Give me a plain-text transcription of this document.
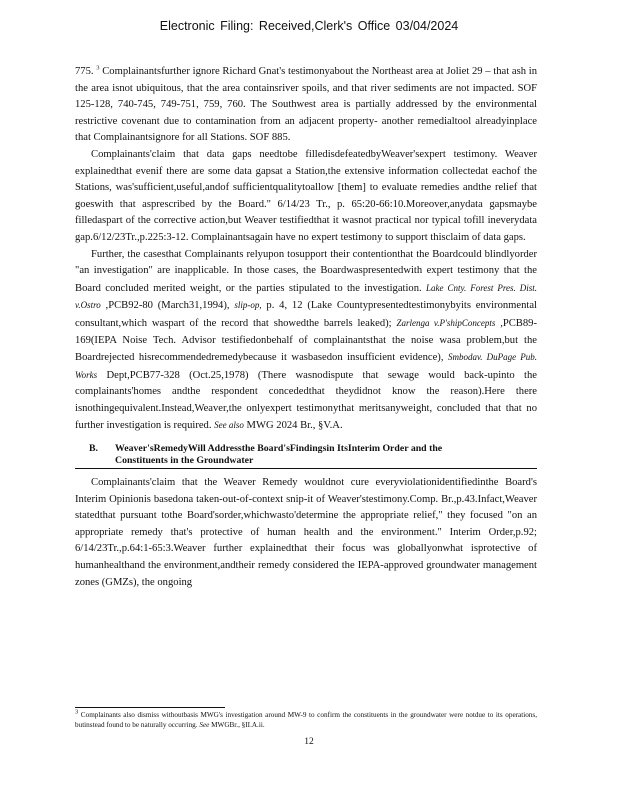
Electronic Filing: Received,Clerk's Office 03/04/2024

775. $^3$ Complainantsfurther ignore Richard Gnat's testimonyabout the Northeast area at Joliet 29 – that ash in the area isnot ubiquitous, that the area containsriver spoils, and that river sediments are not impacted. SOF 125-128, 740-745, 749-751, 759, 760. The Southwest area is partially addressed by the environmental restrictive covenant due to contamination from an adjacent property- another remedialtool alreadyinplace that Complainantsignore for all Stations. SOF 885.

Complainants'claim that data gaps needtobe filledisdefeatedbyWeaver'sexpert testimony. Weaver explainedthat evenif there are some data gapsat a Station,the extensive information collectedat eachof the Stations, was'sufficient,useful,andof sufficientqualitytoallow [them] to evaluate remedies andthe relief that goeswith that asprescribed by the Board." 6/14/23 Tr., p. 65:20-66:10.Moreover,anydata gapsmaybe filledaspart of the corrective action,but Weaver testifiedthat it wasnot practical nor typical tofill ineverydata gap.6/12/23Tr.,p.225:3-12. Complainantsagain have no expert testimony to support thisclaim of data gaps.

Further, the casesthat Complainants relyupon tosupport their contentionthat the Boardcould blindlyorder "an investigation" are inapplicable. In those cases, the Boardwaspresentedwith expert testimony that the Board concluded merited weight, or the parties stipulated to the investigation. Lake Cnty. Forest Pres. Dist. v.Ostro ,PCB92-80 (March31,1994), slip-op, p. 4, 12 (Lake Countypresentedtestimonybyits environmental consultant,which waspart of the record that showedthe barrels leaked); Zarlenga v.P'shipConcepts ,PCB89-169(IEPA Noise Tech. Advisor testifiedonbehalf of complainantsthat the noise wasa problem,but the Boardrejected hisrecommendedremedybecause it wasbasedon insufficient evidence), Smbodav. DuPage Pub. Works Dept,PCB77-328 (Oct.25,1978) (There wasnodispute that sewage would back-upinto the complainants'homes andthe respondent concededthat theydidnot know the reason).Here there isnothingequivalent.Instead,Weaver,the onlyexpert testimonythat meritsanyweight, concluded that that no further investigation is required. See also MWG 2024 Br., §V.A.

B. Weaver'sRemedyWill Addressthe Board'sFindingsin ItsInterim Order and the
Constituents in the Groundwater

Complainants'claim that the Weaver Remedy wouldnot cure everyviolationidentifiedinthe Board's Interim Opinionis basedona taken-out-of-context snip-it of Weaver'stestimony.Comp. Br.,p.43.Infact,Weaver statedthat pursuant tothe Board'sorder,whichwasto'determine the appropriate relief," they focused "on an appropriate remedy that's protective of human health and the environment." Interim Order,p.92; 6/14/23Tr.,p.64:1-65:3.Weaver further explainedthat their focus was globallyonwhat isprotective of humanhealthand the environment,andtheir remedy considered the IEPA-approved groundwater management zones (GMZs), the ongoing

$^3$ Complainants also dismiss withoutbasis MWG's investigation around MW-9 to confirm the constituents in the groundwater were notdue to its operations, butinstead found to be naturally occurring. See MWGBr., §II.A.ii.
12
